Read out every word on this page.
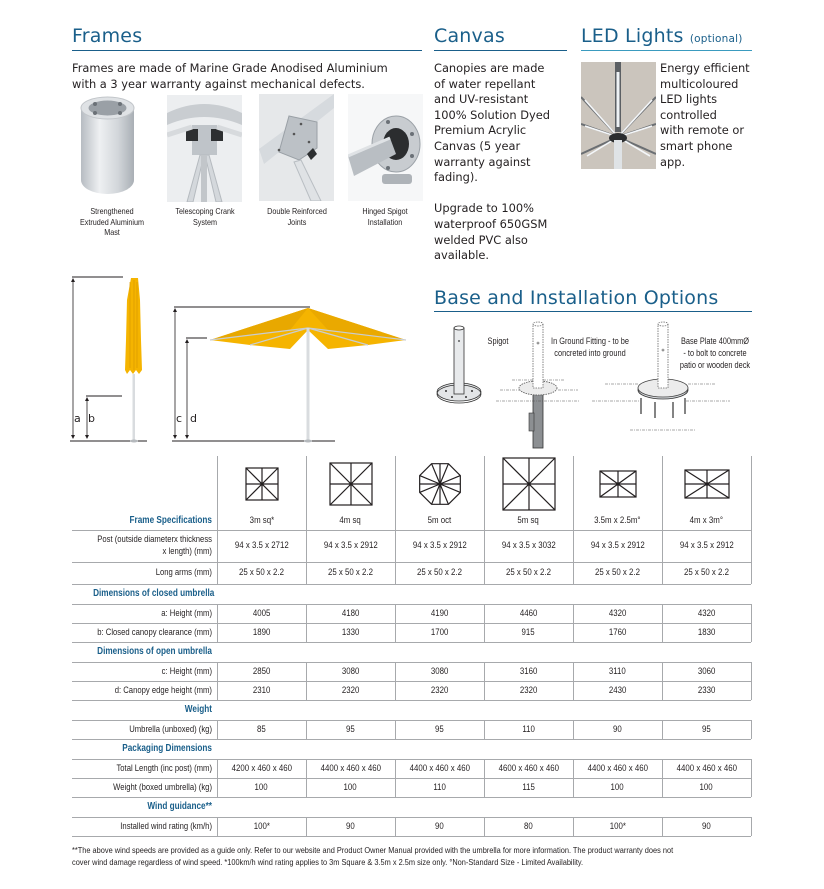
Frames
Frames are made of Marine Grade Anodised Aluminium
with a 3 year warranty against mechanical defects.
Strengthened
Extruded Aluminium
Mast
Telescoping Crank
System
Double Reinforced
Joints
Hinged Spigot
Installation
Canvas
Canopies are made
of water repellant
and UV-resistant
100% Solution Dyed
Premium Acrylic
Canvas (5 year
warranty against
fading).
Upgrade to 100%
waterproof 650GSM
welded PVC also
available.
LED Lights (optional)
Energy efficient
multicoloured
LED lights
controlled
with remote or
smart phone
app.
a b	c d
Base and Installation Options
Spigot	In Ground Fitting - to be
concreted into ground
Base Plate 400mmØ
- to bolt to concrete
patio or wooden deck
Frame Specifications	3m sq*	4m sq	5m oct	5m sq	3.5m x 2.5m°	4m x 3m°
Post (outside diameterx thickness
x length) (mm)
94 x 3.5 x 2712	94 x 3.5 x 2912	94 x 3.5 x 2912	94 x 3.5 x 3032	94 x 3.5 x 2912	94 x 3.5 x 2912
Long arms (mm)	25 x 50 x 2.2	25 x 50 x 2.2	25 x 50 x 2.2	25 x 50 x 2.2	25 x 50 x 2.2	25 x 50 x 2.2
Dimensions of closed umbrella
a: Height (mm)	4005	4180	4190	4460	4320	4320
b: Closed canopy clearance (mm)	1890	1330	1700	915	1760	1830
Dimensions of open umbrella
c: Height (mm)	2850	3080	3080	3160	3110	3060
d: Canopy edge height (mm)	2310	2320	2320	2320	2430	2330
Weight
Umbrella (unboxed) (kg)	85	95	95	110	90	95
Packaging Dimensions
Total Length (inc post) (mm)	4200 x 460 x 460	4400 x 460 x 460	4400 x 460 x 460	4600 x 460 x 460	4400 x 460 x 460	4400 x 460 x 460
Weight (boxed umbrella) (kg)	100	100	110	115	100	100
Wind guidance**
Installed wind rating (km/h)	100*	90	90	80	100*	90
**The above wind speeds are provided as a guide only. Refer to our website and Product Owner Manual provided with the umbrella for more information. The product warranty does not
cover wind damage regardless of wind speed. *100km/h wind rating applies to 3m Square & 3.5m x 2.5m size only. °Non-Standard Size - Limited Availability.
